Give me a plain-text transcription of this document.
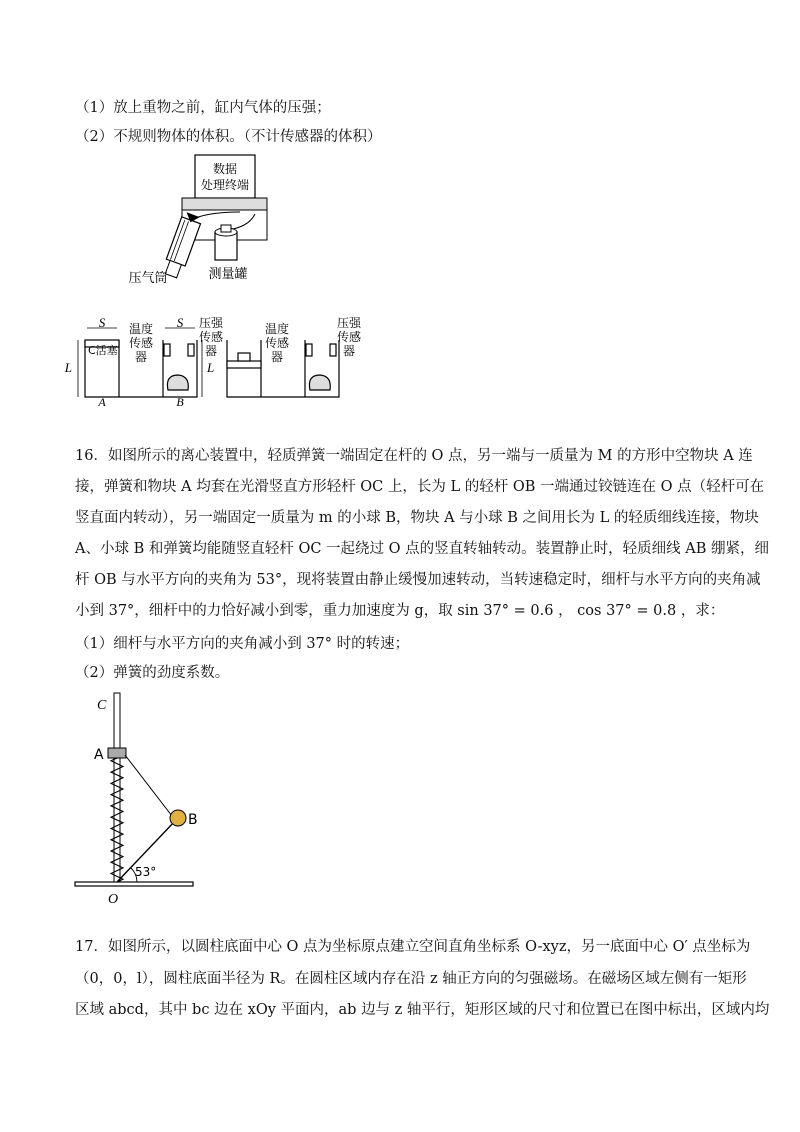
（1）放上重物之前，缸内气体的压强；
（2）不规则物体的体积。（不计传感器的体积）
数据
处理终端
压气筒	测量罐
S	S
L	L
C活塞
温度
传感
器
压强
传感
器
A	B
温度
传感
器
压强
传感
器
16．如图所示的离心装置中，轻质弹簧一端固定在杆的 O 点，另一端与一质量为 M 的方形中空物块 A 连
接，弹簧和物块 A 均套在光滑竖直方形轻杆 OC 上，长为 L 的轻杆 OB 一端通过铰链连在 O 点（轻杆可在
竖直面内转动），另一端固定一质量为 m 的小球 B，物块 A 与小球 B 之间用长为 L 的轻质细线连接，物块
A、小球 B 和弹簧均能随竖直轻杆 OC 一起绕过 O 点的竖直转轴转动。装置静止时，轻质细线 AB 绷紧，细
杆 OB 与水平方向的夹角为 53°，现将装置由静止缓慢加速转动，当转速稳定时，细杆与水平方向的夹角减
小到 37°，细杆中的力恰好减小到零，重力加速度为 g，取 sin 37° = 0.6 ， cos 37° = 0.8 ，求：
（1）细杆与水平方向的夹角减小到 37° 时的转速；
（2）弹簧的劲度系数。
C
A
B
53°
O
17．如图所示，以圆柱底面中心 O 点为坐标原点建立空间直角坐标系 O-xyz，另一底面中心 O′ 点坐标为
（0，0，l），圆柱底面半径为 R。在圆柱区域内存在沿 z 轴正方向的匀强磁场。在磁场区域左侧有一矩形
区域 abcd，其中 bc 边在 xOy 平面内，ab 边与 z 轴平行，矩形区域的尺寸和位置已在图中标出，区域内均
